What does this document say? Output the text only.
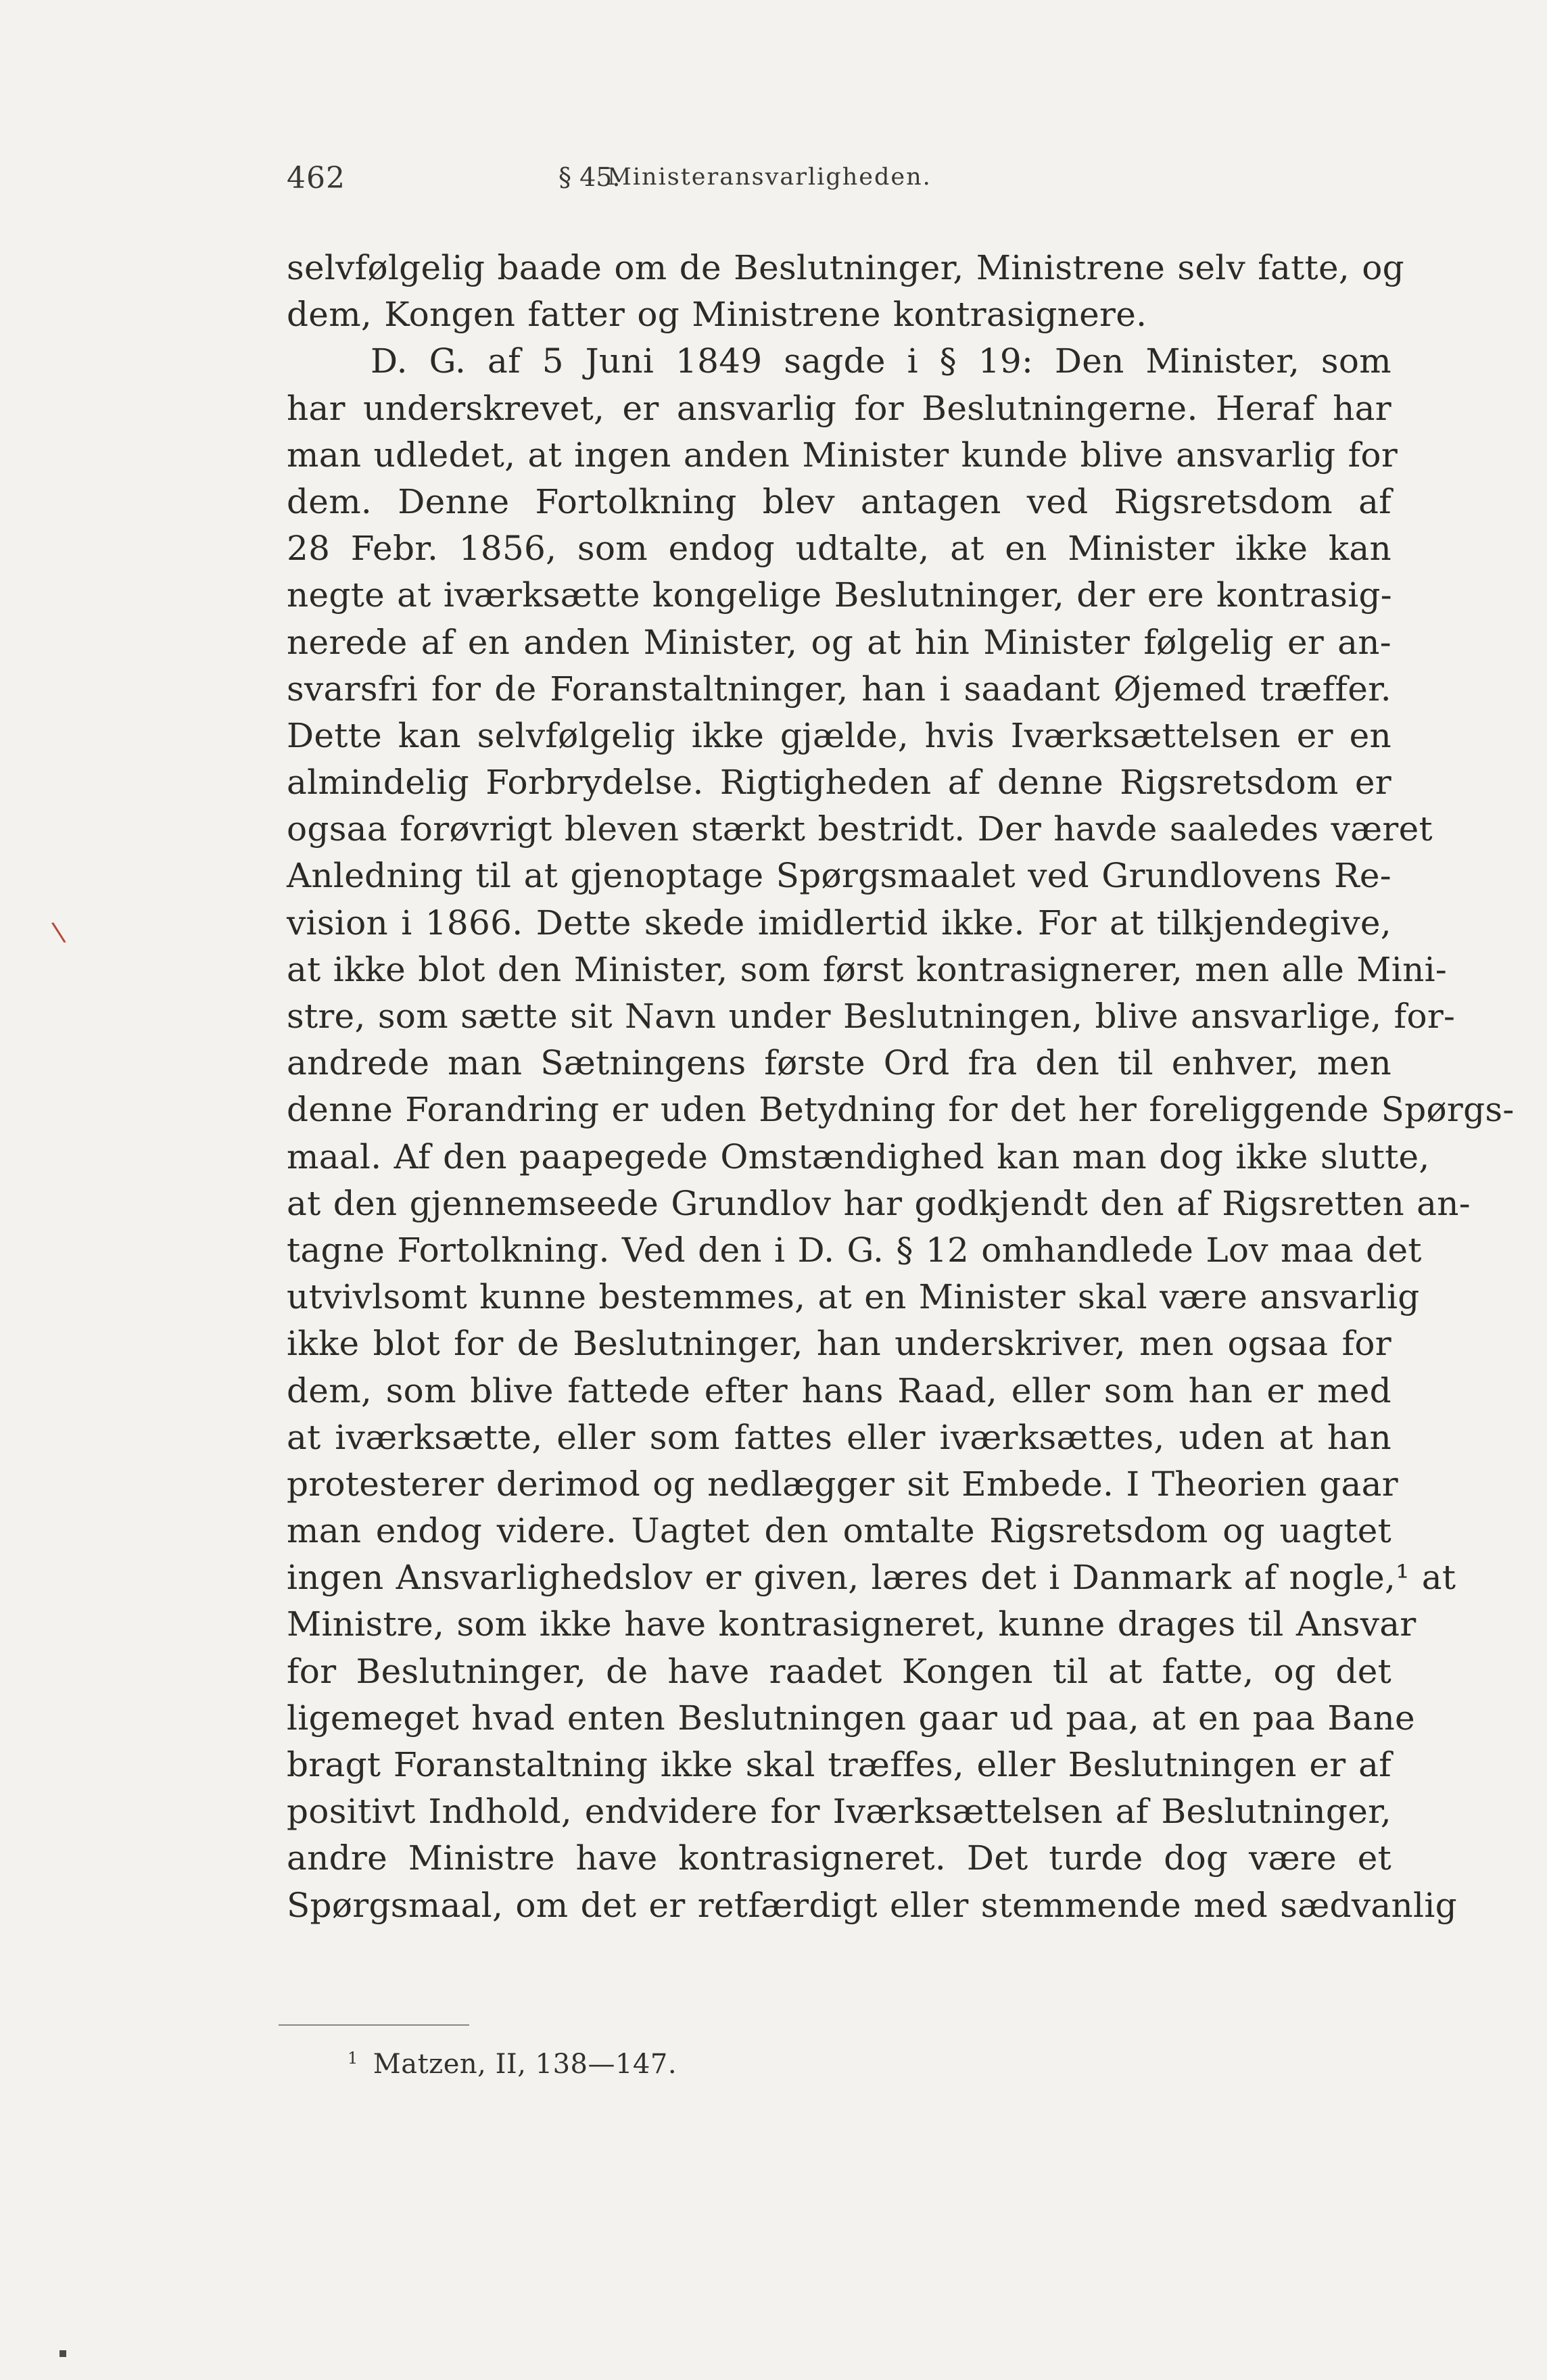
462	§ 45.
Ministeransvarligheden.
selvfølgelig baade om de Beslutninger, Ministrene selv fatte, og
dem, Kongen fatter og Ministrene kontrasignere.
D. G. af 5 Juni 1849 sagde i § 19: Den Minister, som
har underskrevet, er ansvarlig for Beslutningerne. Heraf har
man udledet, at ingen anden Minister kunde blive ansvarlig for
dem. Denne Fortolkning blev antagen ved Rigsretsdom af
28 Febr. 1856, som endog udtalte, at en Minister ikke kan
negte at iværksætte kongelige Beslutninger, der ere kontrasig-
nerede af en anden Minister, og at hin Minister følgelig er an-
svarsfri for de Foranstaltninger, han i saadant Øjemed træffer.
Dette kan selvfølgelig ikke gjælde, hvis Iværksættelsen er en
almindelig Forbrydelse. Rigtigheden af denne Rigsretsdom er
ogsaa forøvrigt bleven stærkt bestridt. Der havde saaledes været
Anledning til at gjenoptage Spørgsmaalet ved Grundlovens Re-
vision i 1866. Dette skede imidlertid ikke. For at tilkjendegive,
at ikke blot den Minister, som først kontrasignerer, men alle Mini-
stre, som sætte sit Navn under Beslutningen, blive ansvarlige, for-
andrede man Sætningens første Ord fra den til enhver, men
denne Forandring er uden Betydning for det her foreliggende Spørgs-
maal. Af den paapegede Omstændighed kan man dog ikke slutte,
at den gjennemseede Grundlov har godkjendt den af Rigsretten an-
tagne Fortolkning. Ved den i D. G. § 12 omhandlede Lov maa det
utvivlsomt kunne bestemmes, at en Minister skal være ansvarlig
ikke blot for de Beslutninger, han underskriver, men ogsaa for
dem, som blive fattede efter hans Raad, eller som han er med
at iværksætte, eller som fattes eller iværksættes, uden at han
protesterer derimod og nedlægger sit Embede. I Theorien gaar
man endog videre. Uagtet den omtalte Rigsretsdom og uagtet
ingen Ansvarlighedslov er given, læres det i Danmark af nogle,¹ at
Ministre, som ikke have kontrasigneret, kunne drages til Ansvar
for Beslutninger, de have raadet Kongen til at fatte, og det
ligemeget hvad enten Beslutningen gaar ud paa, at en paa Bane
bragt Foranstaltning ikke skal træffes, eller Beslutningen er af
positivt Indhold, endvidere for Iværksættelsen af Beslutninger,
andre Ministre have kontrasigneret. Det turde dog være et
Spørgsmaal, om det er retfærdigt eller stemmende med sædvanlig
$^1$ Matzen, II, 138—147.
\
